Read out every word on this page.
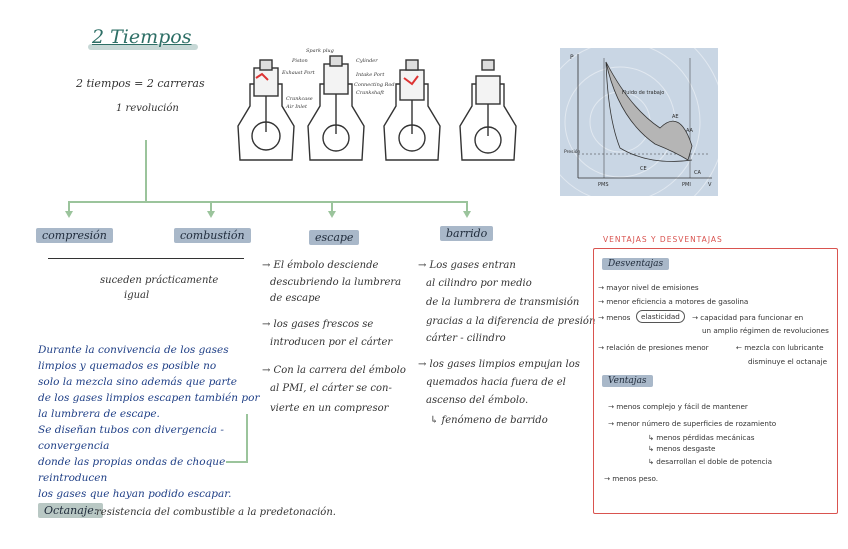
2 Tiempos
2 tiempos = 2 carreras
1 revolución
Spark plug
Piston
Exhaust Port
Crankcase
Air Inlet
Cylinder
Intake Port
Connecting Rod
Crankshaft
P
V
PMS	PMI
Fluido de trabajo
Presión
AE
AA
CE
CA
compresión	combustión	escape	barrido
suceden prácticamente
igual
→ El émbolo desciende
descubriendo la lumbrera
de escape
→ los gases frescos se
introducen por el cárter
→ Con la carrera del émbolo
al PMI, el cárter se con-
vierte en un compresor
→ Los gases entran
al cilindro por medio
de la lumbrera de transmisión
gracias a la diferencia de presión
cárter - cilindro
→ los gases limpios empujan los
quemados hacia fuera de el
ascenso del émbolo.
↳ fenómeno de barrido
Durante la convivencia de los gases
limpios y quemados es posible no
solo la mezcla sino además que parte
de los gases limpios escapen también por
la lumbrera de escape.
Se diseñan tubos con divergencia - convergencia
donde las propias ondas de choque reintroducen
los gases que hayan podido escapar.
Octanaje:
resistencia del combustible a la predetonación.
VENTAJAS Y DESVENTAJAS
Desventajas
→ mayor nivel de emisiones
→ menor eficiencia a motores de gasolina
→ menos	elasticidad	→ capacidad para funcionar en
un amplio régimen de revoluciones
→ relación de presiones menor	← mezcla con lubricante
disminuye el octanaje
Ventajas
→ menos complejo y fácil de mantener
→ menor número de superficies de rozamiento
↳ menos pérdidas mecánicas
↳ menos desgaste
↳ desarrollan el doble de potencia
→ menos peso.
